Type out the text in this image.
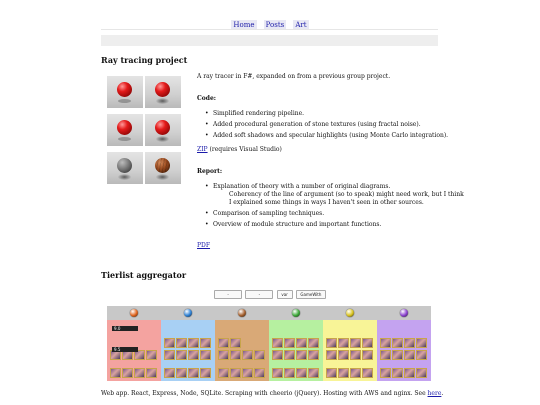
Home Posts Art
Ray tracing project
A ray tracer in F#, expanded on from a previous group project.
Code:
• Simplified rendering pipeline.
• Added procedural generation of stone textures (using fractal noise).
• Added soft shadows and specular highlights (using Monte Carlo integration).
ZIP (requires Visual Studio)
Report:
• Explanation of theory with a number of original diagrams.
Coherency of the line of argument (so to speak) might need work, but I think
I explained some things in ways I haven't seen in other sources.
• Comparison of sampling techniques.
• Overview of module structure and important functions.
PDF
Tierlist aggregator
-	-	var	GameWith
9.0
9.5
Web app. React, Express, Node, SQLite. Scraping with cheerio (jQuery). Hosting with AWS and nginx. See here.
